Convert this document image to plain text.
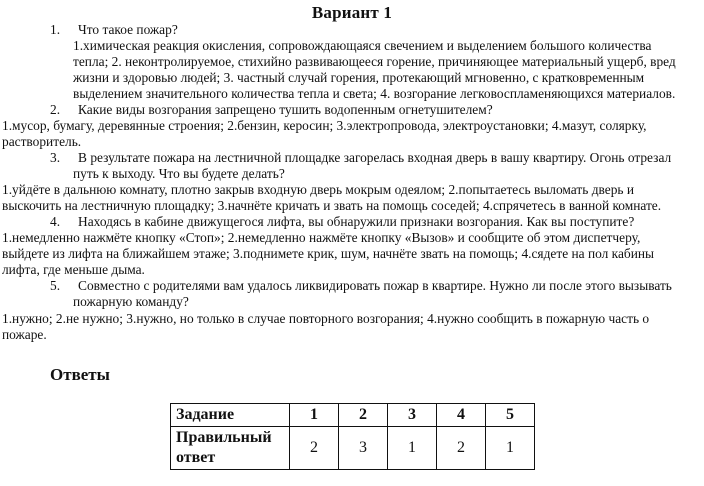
Вариант 1
1. Что такое пожар?
1.химическая реакция окисления, сопровождающаяся свечением и выделением большого количества
тепла; 2. неконтролируемое, стихийно развивающееся горение, причиняющее материальный ущерб, вред
жизни и здоровью людей; 3. частный случай горения, протекающий мгновенно, с кратковременным
выделением значительного количества тепла и света; 4. возгорание легковоспламеняющихся материалов.
2. Какие виды возгорания запрещено тушить водопенным огнетушителем?
1.мусор, бумагу, деревянные строения; 2.бензин, керосин; 3.электропровода, электроустановки; 4.мазут, солярку,
растворитель.
3. В результате пожара на лестничной площадке загорелась входная дверь в вашу квартиру. Огонь отрезал
путь к выходу. Что вы будете делать?
1.уйдёте в дальнюю комнату, плотно закрыв входную дверь мокрым одеялом; 2.попытаетесь выломать дверь и
выскочить на лестничную площадку; 3.начнёте кричать и звать на помощь соседей; 4.спрячетесь в ванной комнате.
4. Находясь в кабине движущегося лифта, вы обнаружили признаки возгорания. Как вы поступите?
1.немедленно нажмёте кнопку «Стоп»; 2.немедленно нажмёте кнопку «Вызов» и сообщите об этом диспетчеру,
выйдете из лифта на ближайшем этаже; 3.поднимете крик, шум, начнёте звать на помощь; 4.сядете на пол кабины
лифта, где меньше дыма.
5. Совместно с родителями вам удалось ликвидировать пожар в квартире. Нужно ли после этого вызывать
пожарную команду?
1.нужно; 2.не нужно; 3.нужно, но только в случае повторного возгорания; 4.нужно сообщить в пожарную часть о
пожаре.
Ответы
Задание	1	2	3	4	5

Правильный
ответ	2	3	1	2	1
